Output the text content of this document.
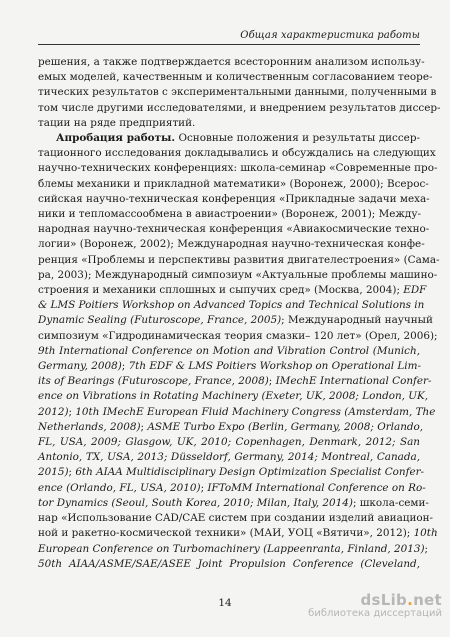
Общая характеристика работы
решения, а также подтверждается всесторонним анализом использу-
емых моделей, качественным и количественным согласованием теоре-
тических результатов с экспериментальными данными, полученными в
том числе другими исследователями, и внедрением результатов диссер-
тации на ряде предприятий.
Апробация работы. Основные положения и результаты диссер-
тационного исследования докладывались и обсуждались на следующих
научно-технических конференциях: школа-семинар «Современные про-
блемы механики и прикладной математики» (Воронеж, 2000); Всерос-
сийская научно-техническая конференция «Прикладные задачи меха-
ники и тепломассообмена в авиастроении» (Воронеж, 2001); Между-
народная научно-техническая конференция «Авиакосмические техно-
логии» (Воронеж, 2002); Международная научно-техническая конфе-
ренция «Проблемы и перспективы развития двигателестроения» (Сама-
ра, 2003); Международный симпозиум «Актуальные проблемы машино-
строения и механики сплошных и сыпучих сред» (Москва, 2004); EDF
& LMS Poitiers Workshop on Advanced Topics and Technical Solutions in
Dynamic Sealing (Futuroscope, France, 2005); Международный научный
симпозиум «Гидродинамическая теория смазки– 120 лет» (Орел, 2006);
9th International Conference on Motion and Vibration Control (Munich,
Germany, 2008); 7th EDF & LMS Poitiers Workshop on Operational Lim-
its of Bearings (Futuroscope, France, 2008); IMechE International Confer-
ence on Vibrations in Rotating Machinery (Exeter, UK, 2008; London, UK,
2012); 10th IMechE European Fluid Machinery Congress (Amsterdam, The
Netherlands, 2008); ASME Turbo Expo (Berlin, Germany, 2008; Orlando,
FL, USA, 2009; Glasgow, UK, 2010; Copenhagen, Denmark, 2012; San
Antonio, TX, USA, 2013; Düsseldorf, Germany, 2014; Montreal, Canada,
2015); 6th AIAA Multidisciplinary Design Optimization Specialist Confer-
ence (Orlando, FL, USA, 2010); IFToMM International Conference on Ro-
tor Dynamics (Seoul, South Korea, 2010; Milan, Italy, 2014); школа-семи-
нар «Использование CAD/CAE систем при создании изделий авиацион-
ной и ракетно-космической техники» (МАИ, УОЦ «Вятичи», 2012); 10th
European Conference on Turbomachinery (Lappeenranta, Finland, 2013);
50th AIAA/ASME/SAE/ASEE Joint Propulsion Conference (Cleveland,
14	dsLib.net
библиотека диссертаций
